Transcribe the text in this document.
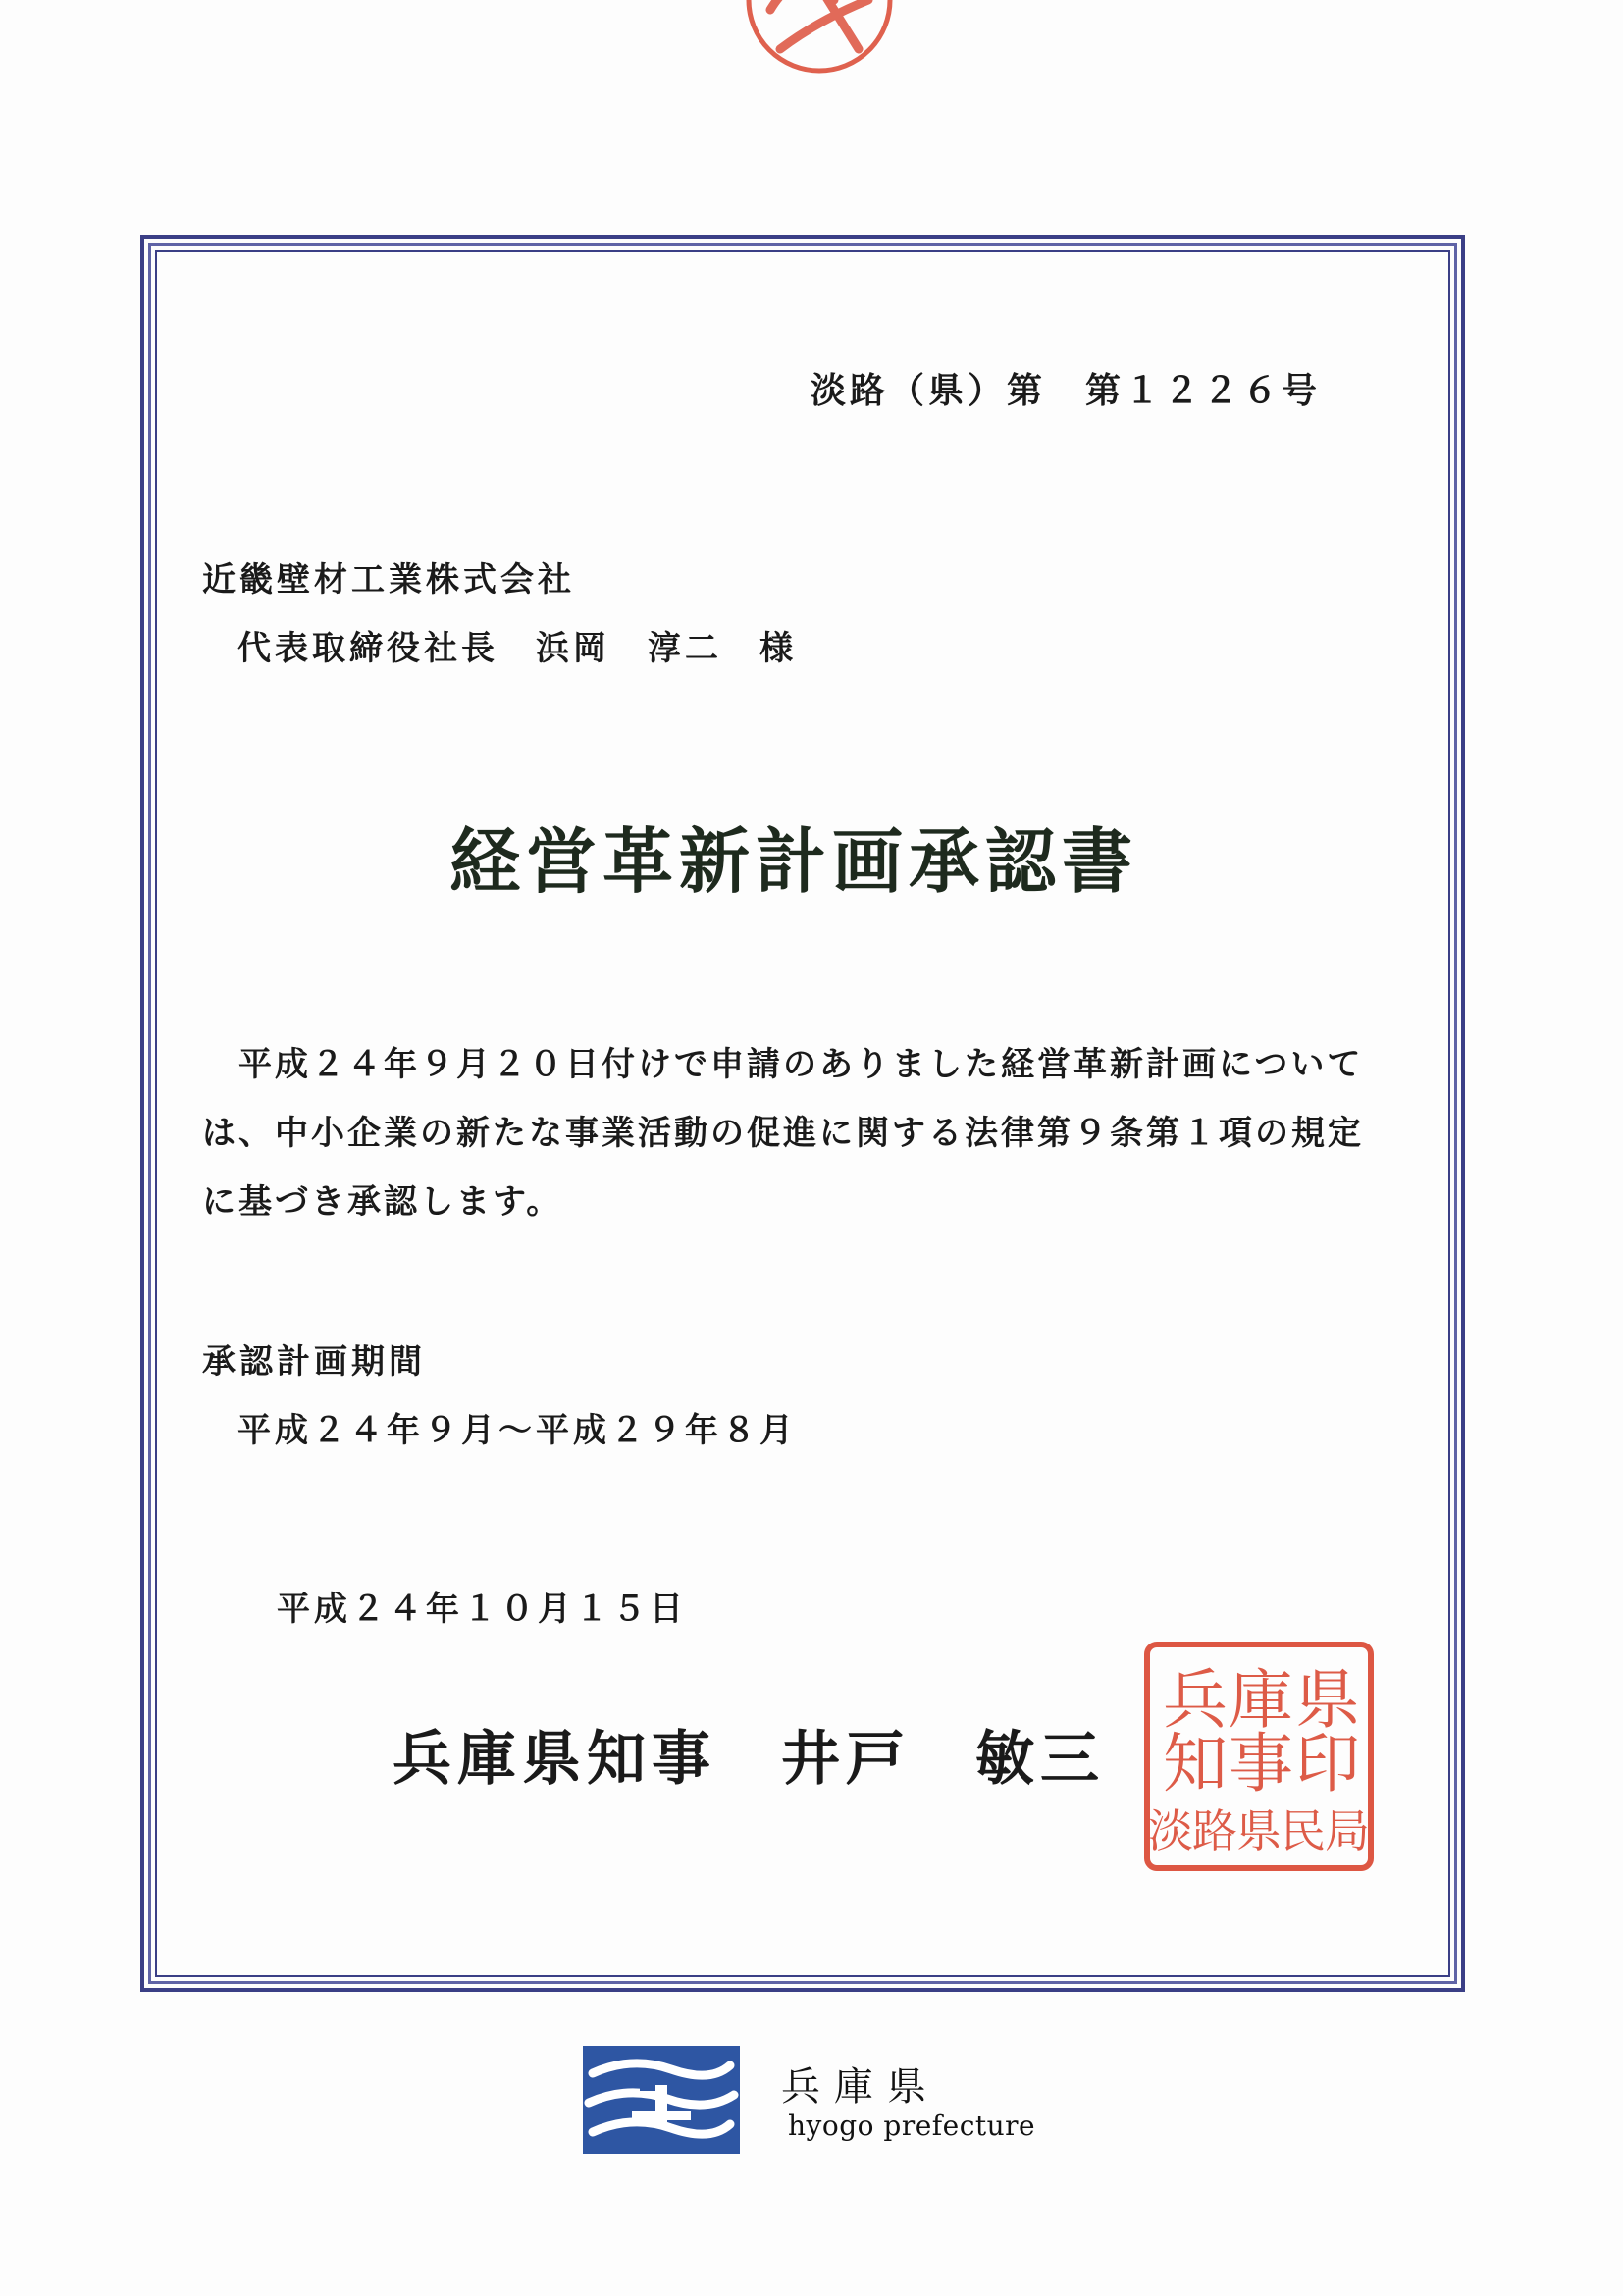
淡路（県）第　第１２２６号
近畿壁材工業株式会社
代表取締役社長　浜岡　淳二　様
経営革新計画承認書
　平成２４年９月２０日付けで申請のありました経営革新計画については、中小企業の新たな事業活動の促進に関する法律第９条第１項の規定に基づき承認します。
承認計画期間
平成２４年９月～平成２９年８月
平成２４年１０月１５日
兵庫県知事　井戸　敏三
兵 庫 県
知 事 印
淡 路 県 民 局
兵庫県
hyogo prefecture
